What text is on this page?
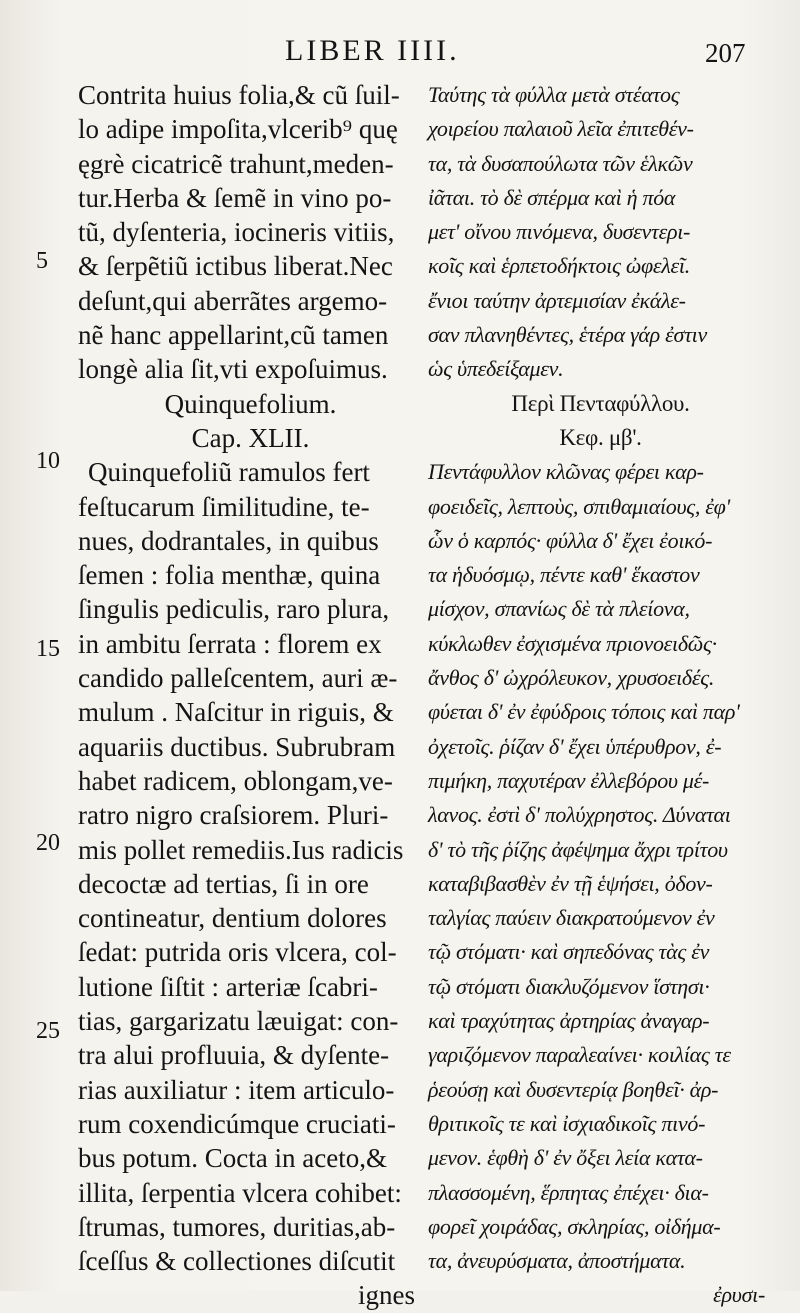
LIBER IIII.	207
5
10
15
20
25
Contrita huius folia,& cũ ſuil-
lo adipe impoſita,vlcerib⁹ quę
ęgrè cicatricẽ trahunt,meden-
tur.Herba & ſemẽ in vino po-
tũ, dyſenteria, iocineris vitiis,
& ſerpẽtiũ ictibus liberat.Nec
deſunt,qui aberrãtes argemo-
nẽ hanc appellarint,cũ tamen
longè alia ſit,vti expoſuimus.
Quinquefolium.
Cap. XLII.
Quinquefoliũ ramulos fert
feſtucarum ſimilitudine, te-
nues, dodrantales, in quibus
ſemen : folia menthæ, quina
ſingulis pediculis, raro plura,
in ambitu ſerrata : florem ex
candido palleſcentem, auri æ-
mulum . Naſcitur in riguis, &
aquariis ductibus. Subrubram
habet radicem, oblongam,ve-
ratro nigro craſsiorem. Pluri-
mis pollet remediis.Ius radicis
decoctæ ad tertias, ſi in ore
contineatur, dentium dolores
ſedat: putrida oris vlcera, col-
lutione ſiſtit : arteriæ ſcabri-
tias, gargarizatu læuigat: con-
tra alui profluuia, & dyſente-
rias auxiliatur : item articulo-
rum coxendicúmque cruciati-
bus potum. Cocta in aceto,&
illita, ſerpentia vlcera cohibet:
ſtrumas, tumores, duritias,ab-
ſceſſus & collectiones diſcutit
ignes
Ταύτης τὰ φύλλα μετὰ στέατος
χοιρείου παλαιοῦ λεῖα ἐπιτεθέν-
τα, τὰ δυσαπούλωτα τῶν ἑλκῶν
ἰᾶται. τὸ δὲ σπέρμα καὶ ἡ πόα
μετ' οἴνου πινόμενα, δυσεντερι-
κοῖς καὶ ἑρπετοδήκτοις ὠφελεῖ.
ἔνιοι ταύτην ἀρτεμισίαν ἐκάλε-
σαν πλανηθέντες, ἑτέρα γάρ ἐστιν
ὡς ὑπεδείξαμεν.
Περὶ Πενταφύλλου.
Κεφ. μβ'.
Πεντάφυλλον κλῶνας φέρει καρ-
φοειδεῖς, λεπτοὺς, σπιθαμιαίους, ἐφ'
ὧν ὁ καρπός· φύλλα δ' ἔχει ἐοικό-
τα ἡδυόσμῳ, πέντε καθ' ἕκαστον
μίσχον, σπανίως δὲ τὰ πλείονα,
κύκλωθεν ἐσχισμένα πριονοειδῶς·
ἄνθος δ' ὠχρόλευκον, χρυσοειδές.
φύεται δ' ἐν ἐφύδροις τόποις καὶ παρ'
ὀχετοῖς. ῥίζαν δ' ἔχει ὑπέρυθρον, ἐ-
πιμήκη, παχυτέραν ἐλλεβόρου μέ-
λανος. ἐστὶ δ' πολύχρηστος. Δύναται
δ' τὸ τῆς ῥίζης ἀφέψημα ἄχρι τρίτου
καταβιβασθὲν ἐν τῇ ἑψήσει, ὀδον-
ταλγίας παύειν διακρατούμενον ἐν
τῷ στόματι· καὶ σηπεδόνας τὰς ἐν
τῷ στόματι διακλυζόμενον ἵστησι·
καὶ τραχύτητας ἀρτηρίας ἀναγαρ-
γαριζόμενον παραλεαίνει· κοιλίας τε
ῥεούσῃ καὶ δυσεντερίᾳ βοηθεῖ· ἀρ-
θριτικοῖς τε καὶ ἰσχιαδικοῖς πινό-
μενον. ἑφθὴ δ' ἐν ὄξει λεία κατα-
πλασσομένη, ἕρπητας ἐπέχει· δια-
φορεῖ χοιράδας, σκληρίας, οἰδήμα-
τα, ἀνευρύσματα, ἀποστήματα.
ἐρυσι-
